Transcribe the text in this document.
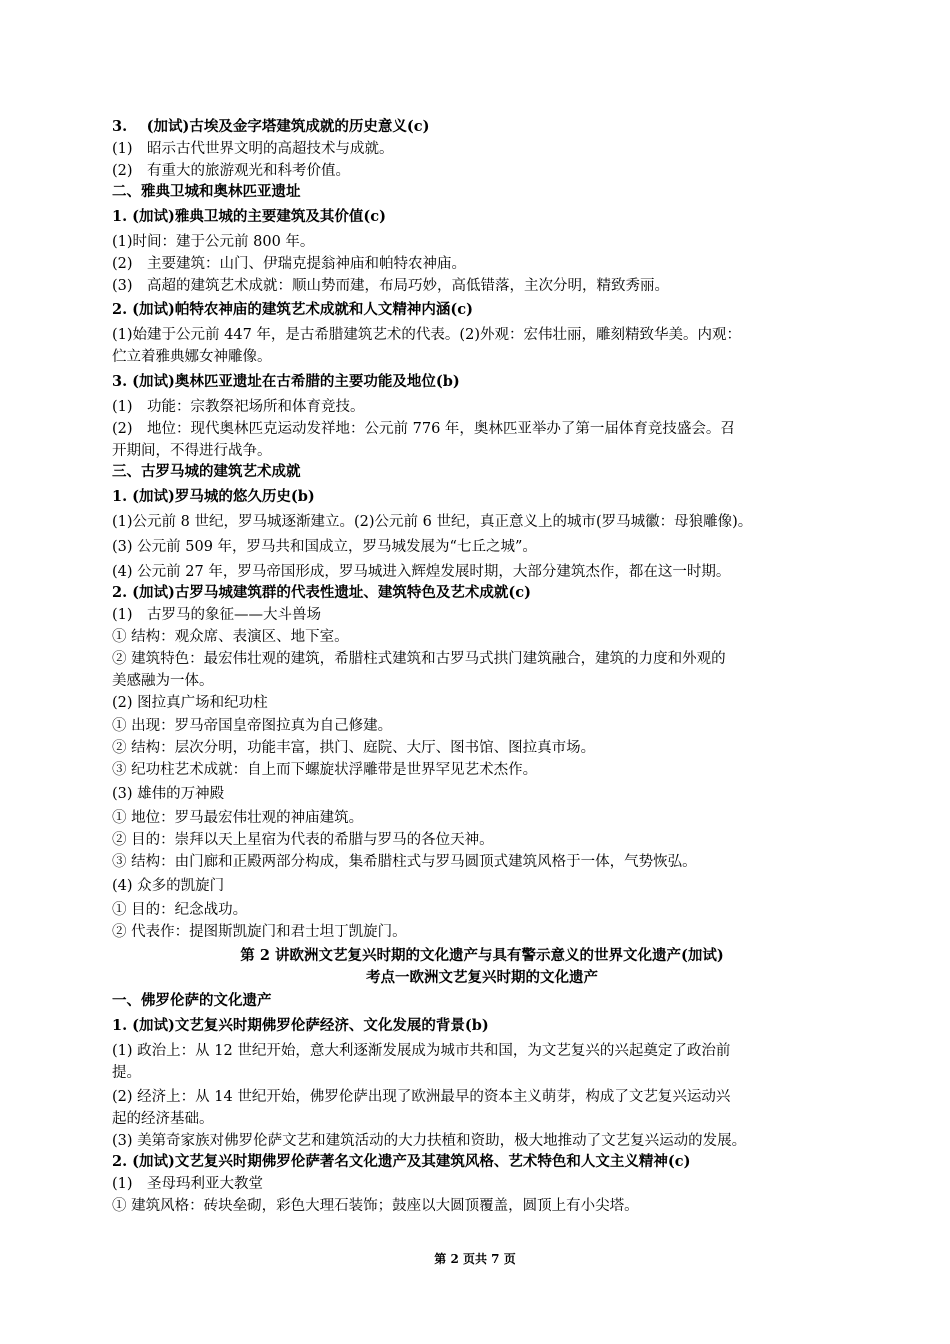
3.　 (加试)古埃及金字塔建筑成就的历史意义(c)
(1)　昭示古代世界文明的高超技术与成就。
(2)　有重大的旅游观光和科考价值。
二、雅典卫城和奥林匹亚遗址
1. (加试)雅典卫城的主要建筑及其价值(c)
(1)时间：建于公元前 800 年。
(2)　主要建筑：山门、伊瑞克提翁神庙和帕特农神庙。
(3)　高超的建筑艺术成就：顺山势而建，布局巧妙，高低错落，主次分明，精致秀丽。
2. (加试)帕特农神庙的建筑艺术成就和人文精神内涵(c)
(1)始建于公元前 447 年，是古希腊建筑艺术的代表。(2)外观：宏伟壮丽，雕刻精致华美。内观：
伫立着雅典娜女神雕像。
3. (加试)奥林匹亚遗址在古希腊的主要功能及地位(b)
(1)　功能：宗教祭祀场所和体育竞技。
(2)　地位：现代奥林匹克运动发祥地：公元前 776 年，奥林匹亚举办了第一届体育竞技盛会。召
开期间，不得进行战争。
三、古罗马城的建筑艺术成就
1. (加试)罗马城的悠久历史(b)
(1)公元前 8 世纪，罗马城逐渐建立。(2)公元前 6 世纪，真正意义上的城市(罗马城徽：母狼雕像)。
(3) 公元前 509 年，罗马共和国成立，罗马城发展为“七丘之城”。
(4) 公元前 27 年，罗马帝国形成，罗马城进入辉煌发展时期，大部分建筑杰作，都在这一时期。
2. (加试)古罗马城建筑群的代表性遗址、建筑特色及艺术成就(c)
(1)　古罗马的象征——大斗兽场
① 结构：观众席、表演区、地下室。
② 建筑特色：最宏伟壮观的建筑，希腊柱式建筑和古罗马式拱门建筑融合，建筑的力度和外观的
美感融为一体。
(2) 图拉真广场和纪功柱
① 出现：罗马帝国皇帝图拉真为自己修建。
② 结构：层次分明，功能丰富，拱门、庭院、大厅、图书馆、图拉真市场。
③ 纪功柱艺术成就：自上而下螺旋状浮雕带是世界罕见艺术杰作。
(3) 雄伟的万神殿
① 地位：罗马最宏伟壮观的神庙建筑。
② 目的：崇拜以天上星宿为代表的希腊与罗马的各位天神。
③ 结构：由门廊和正殿两部分构成，集希腊柱式与罗马圆顶式建筑风格于一体，气势恢弘。
(4) 众多的凯旋门
① 目的：纪念战功。
② 代表作：提图斯凯旋门和君士坦丁凯旋门。
第 2 讲欧洲文艺复兴时期的文化遗产与具有警示意义的世界文化遗产(加试)
考点一欧洲文艺复兴时期的文化遗产
一、佛罗伦萨的文化遗产
1. (加试)文艺复兴时期佛罗伦萨经济、文化发展的背景(b)
(1) 政治上：从 12 世纪开始，意大利逐渐发展成为城市共和国，为文艺复兴的兴起奠定了政治前
提。
(2) 经济上：从 14 世纪开始，佛罗伦萨出现了欧洲最早的资本主义萌芽，构成了文艺复兴运动兴
起的经济基础。
(3) 美第奇家族对佛罗伦萨文艺和建筑活动的大力扶植和资助，极大地推动了文艺复兴运动的发展。
2. (加试)文艺复兴时期佛罗伦萨著名文化遗产及其建筑风格、艺术特色和人文主义精神(c)
(1)　圣母玛利亚大教堂
① 建筑风格：砖块垒砌，彩色大理石装饰；鼓座以大圆顶覆盖，圆顶上有小尖塔。
第 2 页共 7 页
